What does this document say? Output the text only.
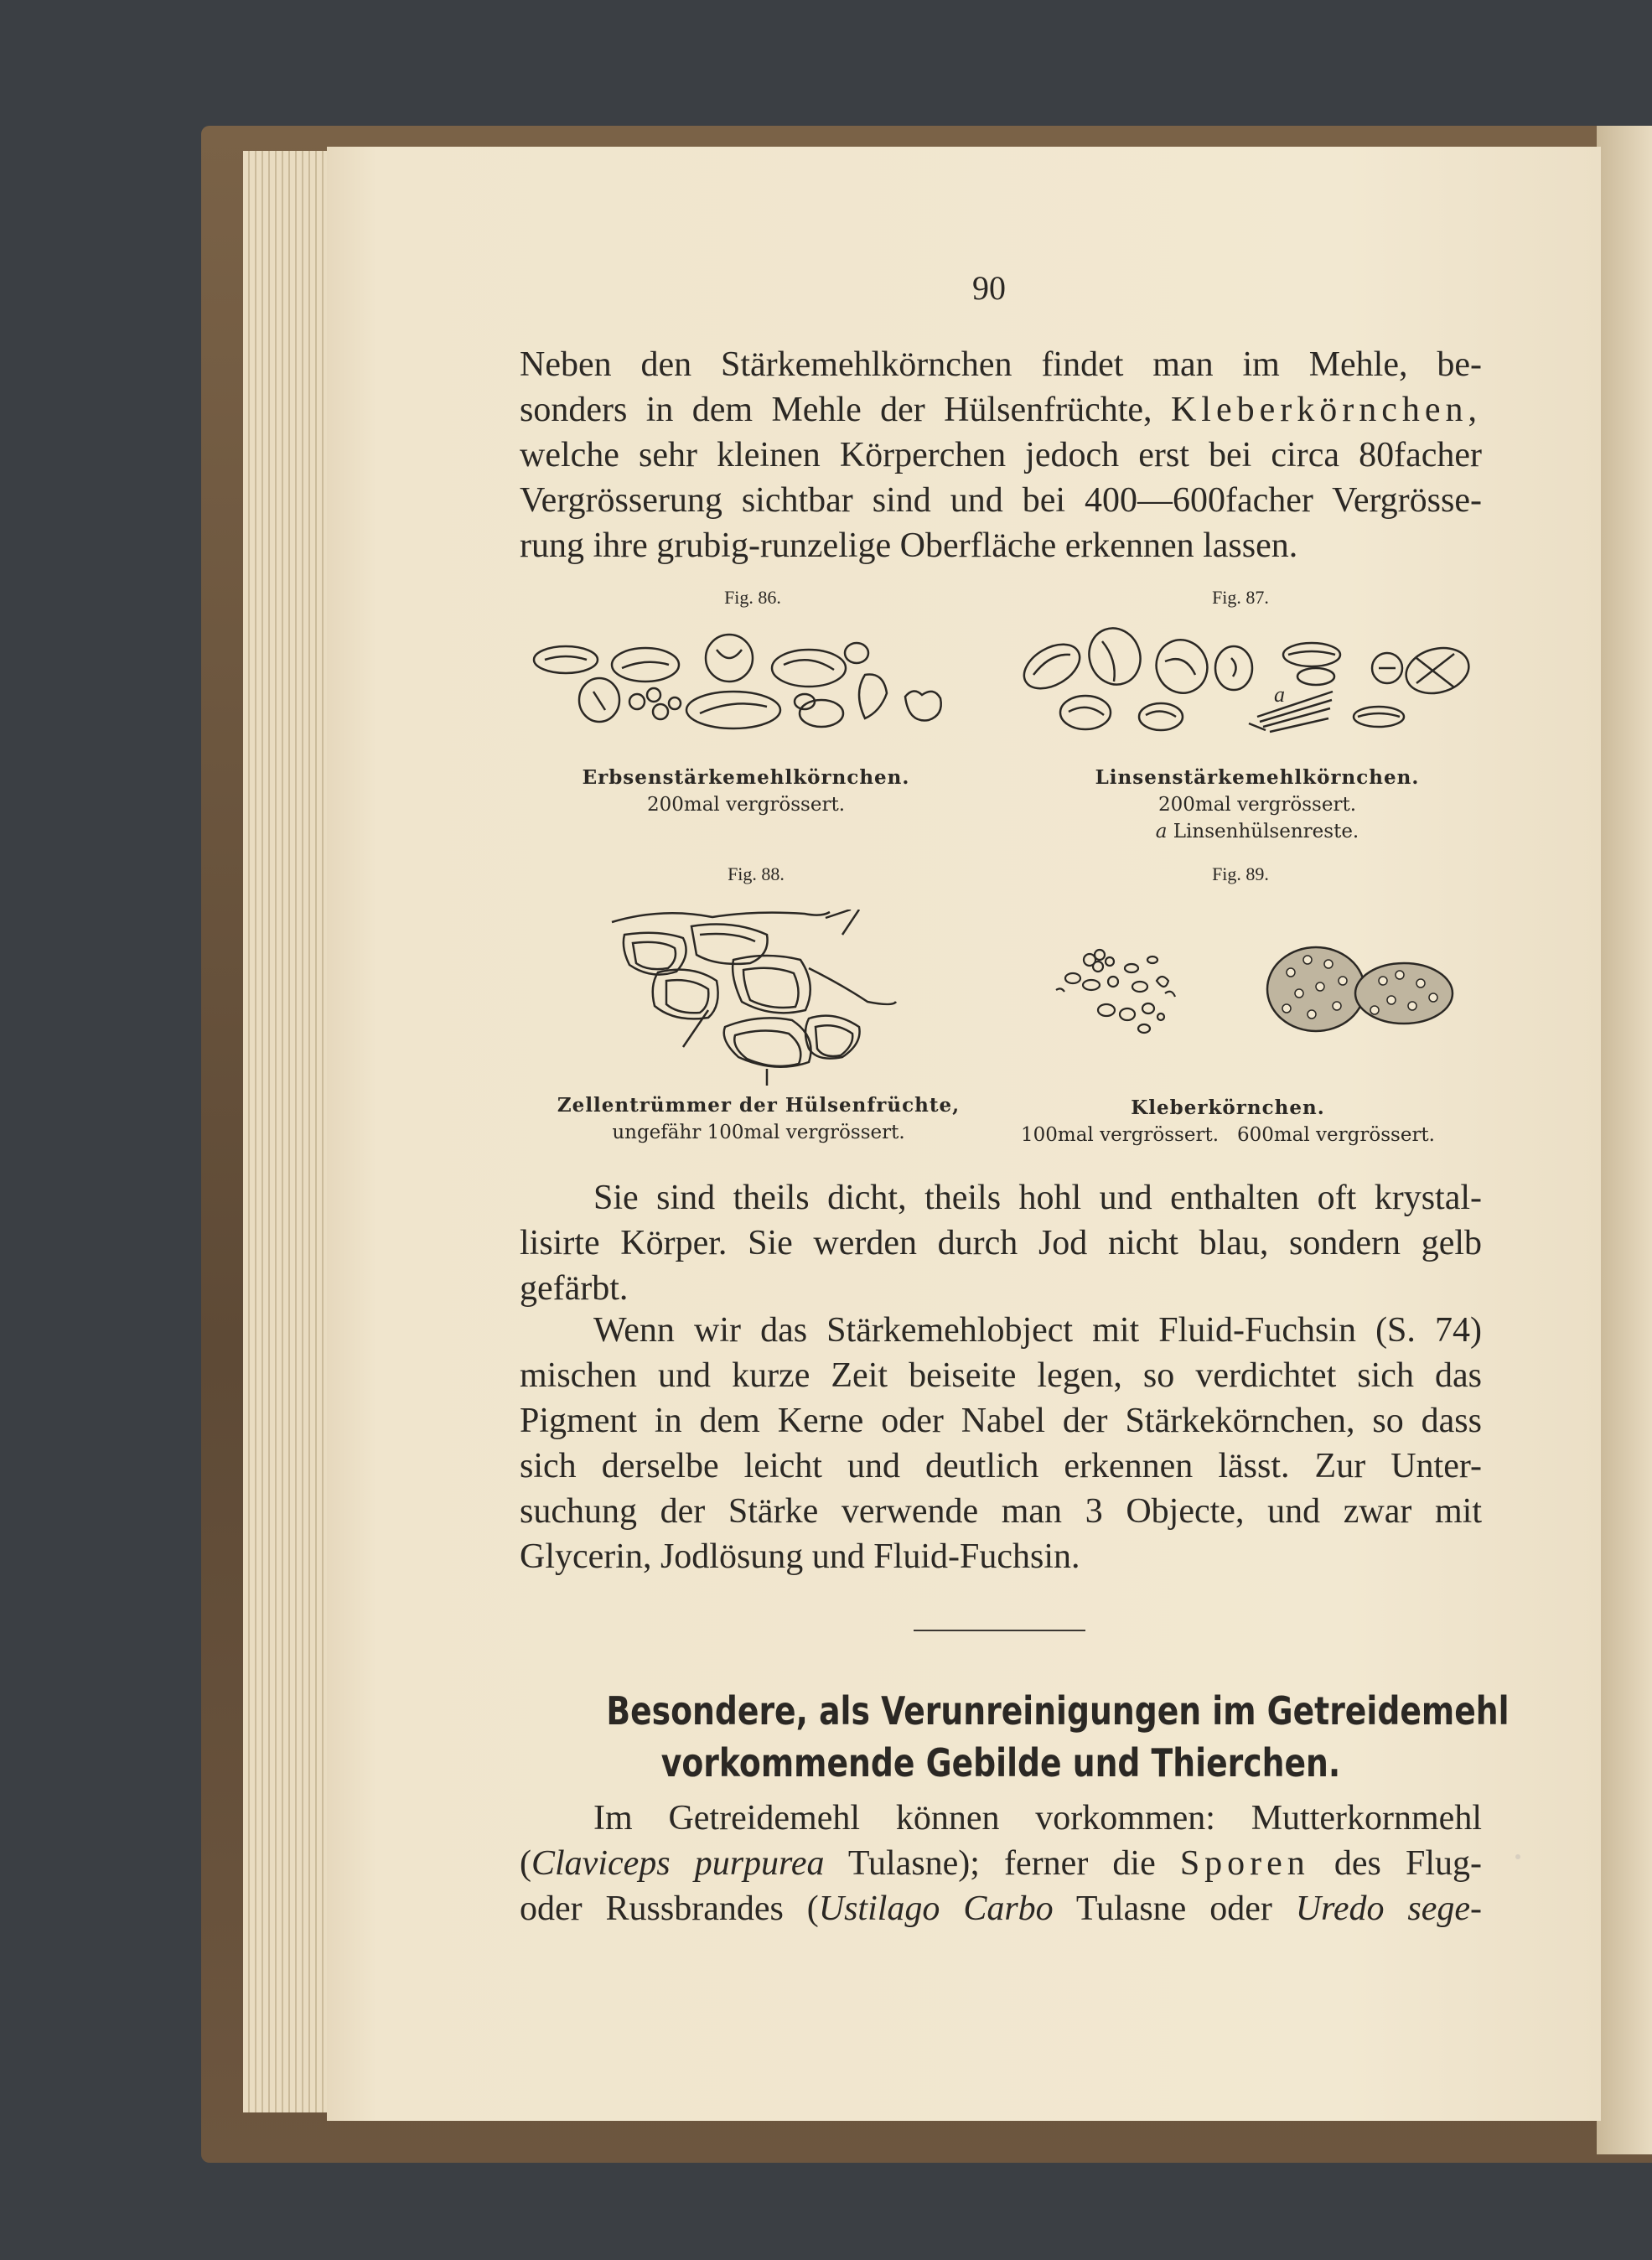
90

Neben den Stärkemehlkörnchen findet man im Mehle, be-
sonders in dem Mehle der Hülsenfrüchte, Kleberkörnchen,
welche sehr kleinen Körperchen jedoch erst bei circa 80facher
Vergrösserung sichtbar sind und bei 400—600facher Vergrösse-
rung ihre grubig-runzelige Oberfläche erkennen lassen.

Fig. 86.

Erbsenstärkemehlkörnchen.
200mal vergrössert.

Fig. 87.

a
Linsenstärkemehlkörnchen.
200mal vergrössert.
a Linsenhülsenreste.

Fig. 88.

Zellentrümmer der Hülsenfrüchte,
ungefähr 100mal vergrössert.

Fig. 89.

Kleberkörnchen.
100mal vergrössert. 600mal vergrössert.
Sie sind theils dicht, theils hohl und enthalten oft krystal-
lisirte Körper. Sie werden durch Jod nicht blau, sondern gelb
gefärbt.
Wenn wir das Stärkemehlobject mit Fluid-Fuchsin (S. 74)
mischen und kurze Zeit beiseite legen, so verdichtet sich das
Pigment in dem Kerne oder Nabel der Stärkekörnchen, so dass
sich derselbe leicht und deutlich erkennen lässt. Zur Unter-
suchung der Stärke verwende man 3 Objecte, und zwar mit
Glycerin, Jodlösung und Fluid-Fuchsin.
Besondere, als Verunreinigungen im Getreidemehl
vorkommende Gebilde und Thierchen.
Im Getreidemehl können vorkommen: Mutterkornmehl
(Claviceps purpurea Tulasne); ferner die Sporen des Flug-
oder Russbrandes (Ustilago Carbo Tulasne oder Uredo sege-
